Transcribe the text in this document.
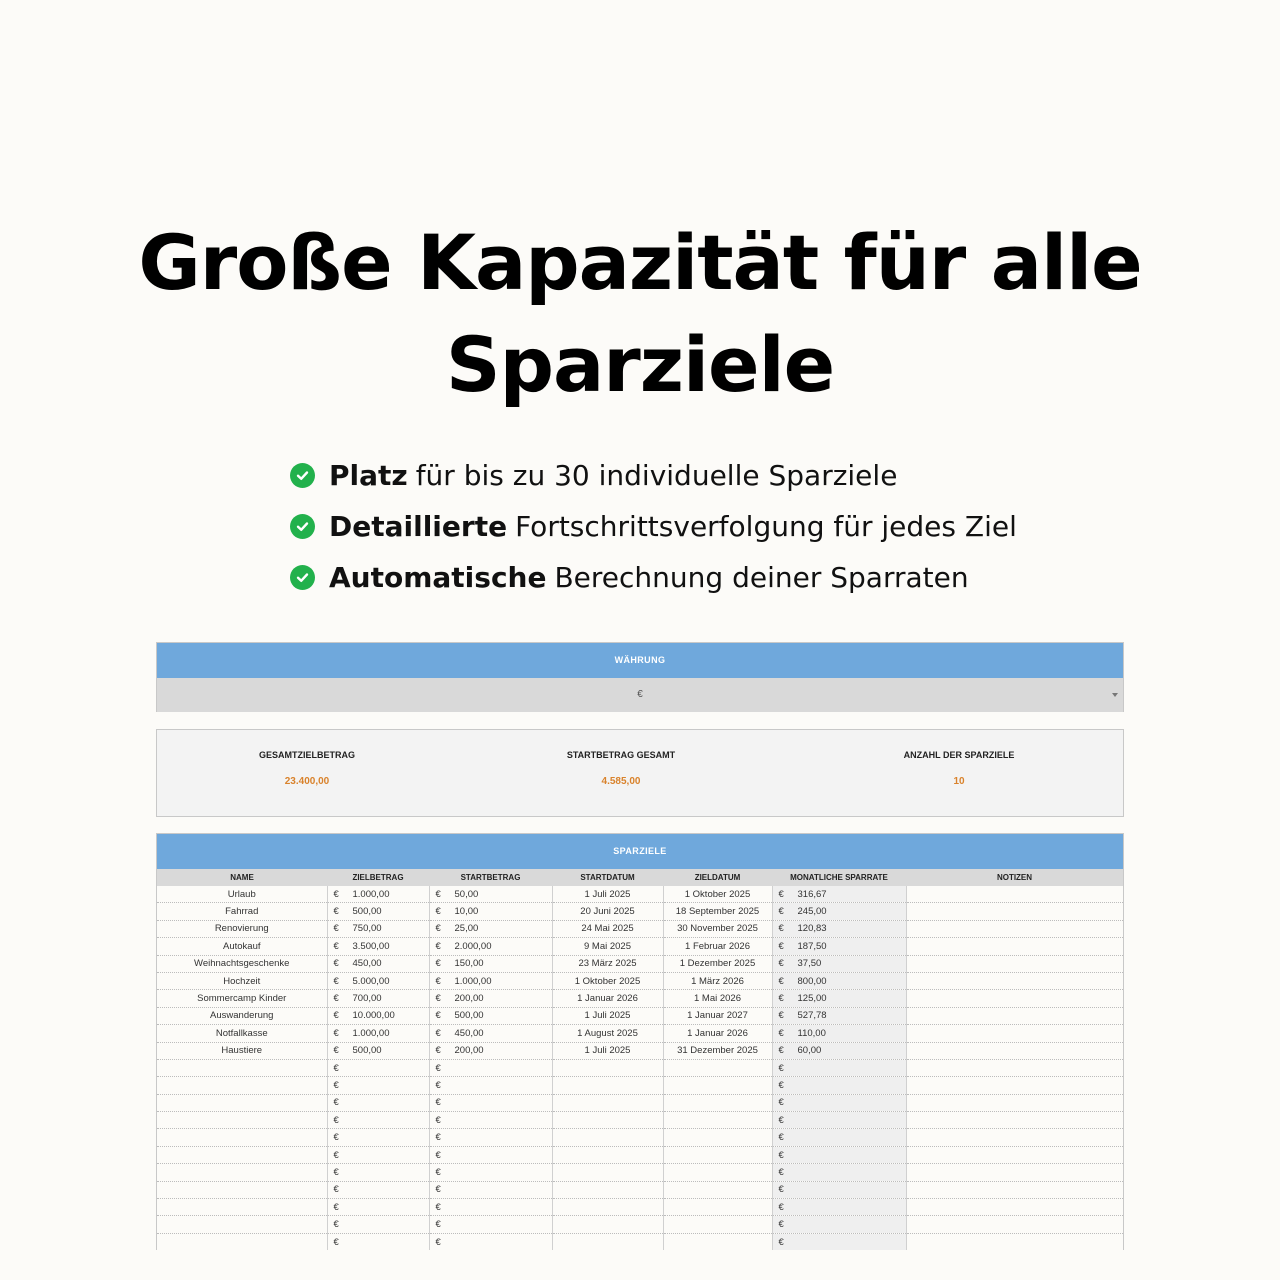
Große Kapazität für alle
Sparziele
Platz für bis zu 30 individuelle Sparziele
Detaillierte Fortschrittsverfolgung für jedes Ziel
Automatische Berechnung deiner Sparraten
WÄHRUNG
€
GESAMTZIELBETRAG
23.400,00
STARTBETRAG GESAMT
4.585,00
ANZAHL DER SPARZIELE
10
SPARZIELE
NAME	ZIELBETRAG	STARTBETRAG	STARTDATUM	ZIELDATUM	MONATLICHE SPARRATE	NOTIZEN
Urlaub	€ 1.000,00	€ 50,00	1 Juli 2025	1 Oktober 2025	€ 316,67	
Fahrrad	€ 500,00	€ 10,00	20 Juni 2025	18 September 2025	€ 245,00	
Renovierung	€ 750,00	€ 25,00	24 Mai 2025	30 November 2025	€ 120,83	
Autokauf	€ 3.500,00	€ 2.000,00	9 Mai 2025	1 Februar 2026	€ 187,50	
Weihnachtsgeschenke	€ 450,00	€ 150,00	23 März 2025	1 Dezember 2025	€ 37,50	
Hochzeit	€ 5.000,00	€ 1.000,00	1 Oktober 2025	1 März 2026	€ 800,00	
Sommercamp Kinder	€ 700,00	€ 200,00	1 Januar 2026	1 Mai 2026	€ 125,00	
Auswanderung	€ 10.000,00	€ 500,00	1 Juli 2025	1 Januar 2027	€ 527,78	
Notfallkasse	€ 1.000,00	€ 450,00	1 August 2025	1 Januar 2026	€ 110,00	
Haustiere	€ 500,00	€ 200,00	1 Juli 2025	31 Dezember 2025	€ 60,00	
	€	€			€	
	€	€			€	
	€	€			€	
	€	€			€	
	€	€			€	
	€	€			€	
	€	€			€	
	€	€			€	
	€	€			€	
	€	€			€	
	€	€			€	
